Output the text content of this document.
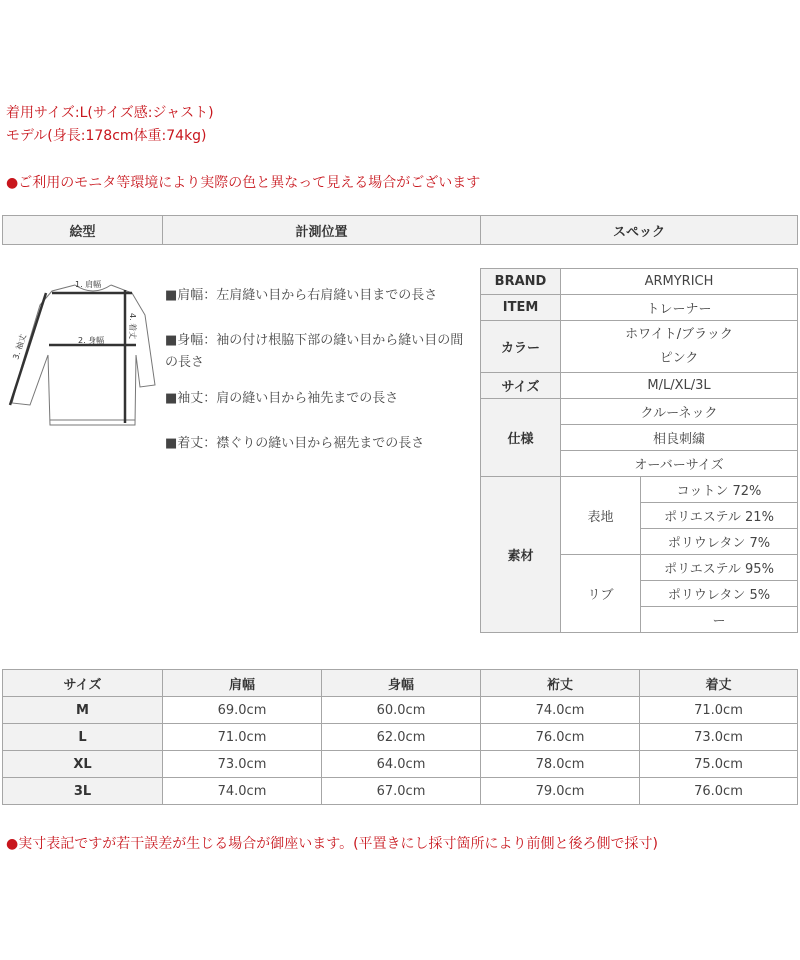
着用サイズ:L(サイズ感:ジャスト)
モデル(身長:178cm体重:74kg)
●ご利用のモニタ等環境により実際の色と異なって見える場合がございます
絵型	計測位置	スペック
1. 肩幅
2. 身幅
3. 袖丈
4. 着丈
■肩幅：左肩縫い目から右肩縫い目までの長さ
■身幅：袖の付け根脇下部の縫い目から縫い目の間の長さ
■袖丈：肩の縫い目から袖先までの長さ
■着丈：襟ぐりの縫い目から裾先までの長さ
BRAND	ARMYRICH	
ITEM	トレーナー	
カラー	ホワイト/ブラック
ピンク	

サイズ	M/L/XL/3L	
仕様	クルーネック	
	相良刺繍	
	オーバーサイズ	
素材	表地	コットン 72%
		ポリエステル 21%
		ポリウレタン 7%
	リブ	ポリエステル 95%
		ポリウレタン 5%
		ー
サイズ	肩幅	身幅	裄丈	着丈
M	69.0cm	60.0cm	74.0cm	71.0cm
L	71.0cm	62.0cm	76.0cm	73.0cm
XL	73.0cm	64.0cm	78.0cm	75.0cm
3L	74.0cm	67.0cm	79.0cm	76.0cm
●実寸表記ですが若干誤差が生じる場合が御座います。(平置きにし採寸箇所により前側と後ろ側で採寸)
